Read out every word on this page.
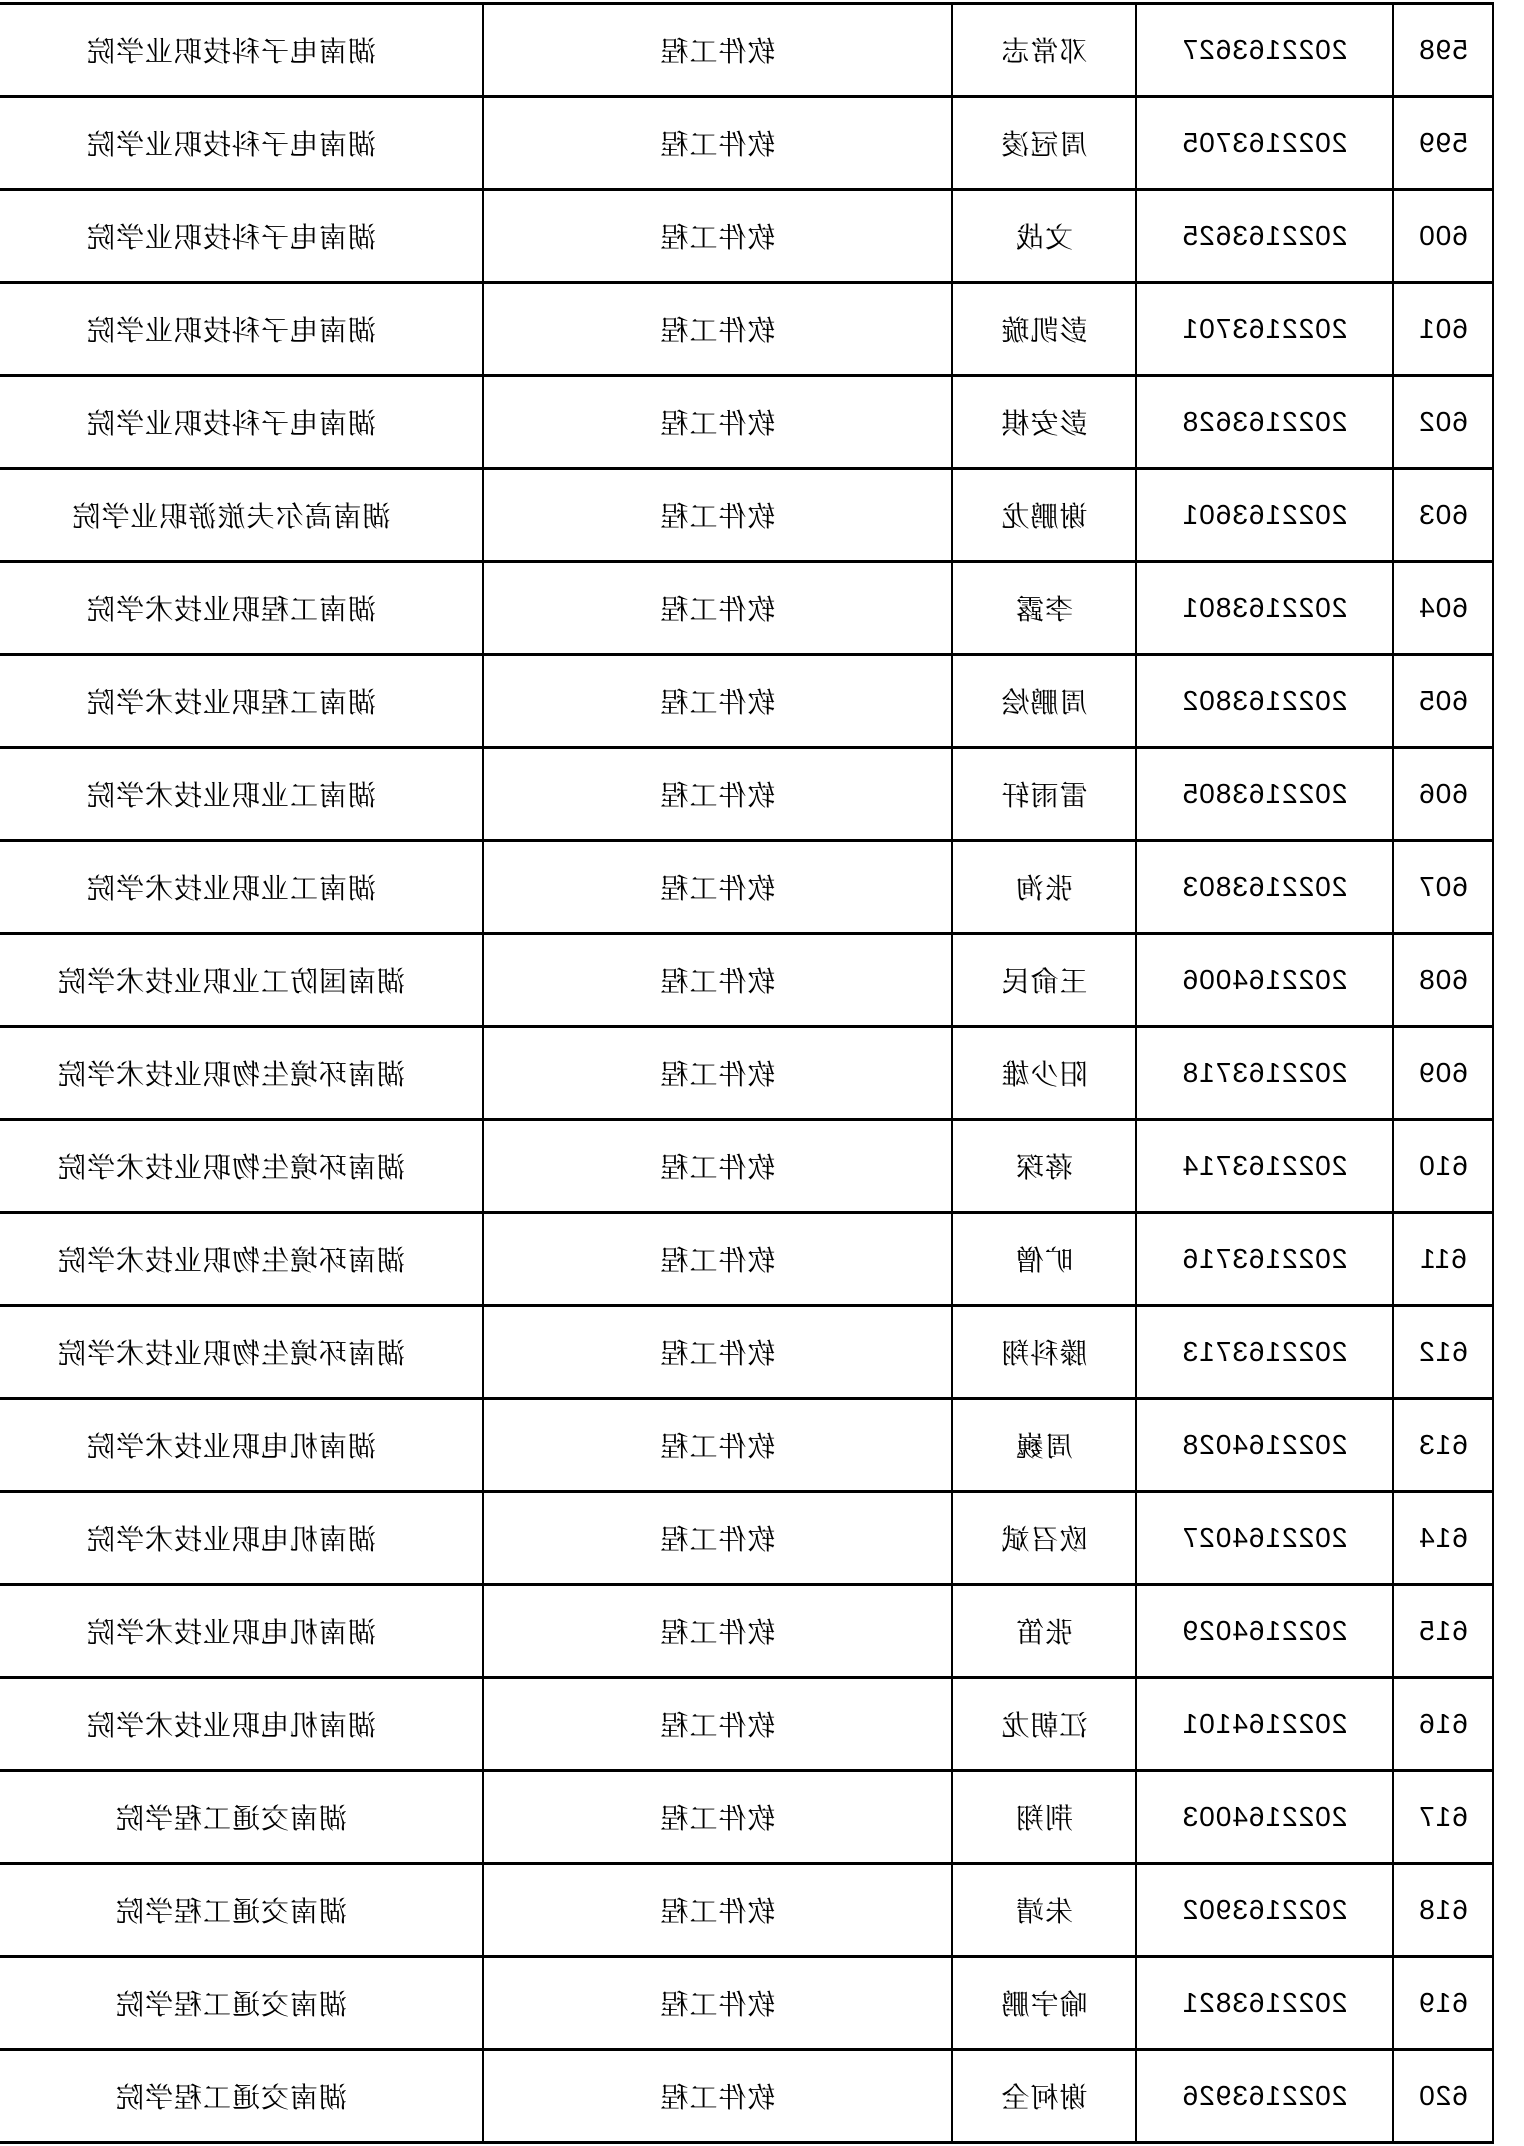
598	2022163627	邓常志	软件工程	湖南电子科技职业学院
599	2022163705	周冠凌	软件工程	湖南电子科技职业学院
600	2022163625	文战	软件工程	湖南电子科技职业学院
601	2022163701	彭凯璇	软件工程	湖南电子科技职业学院
602	2022163628	彭安棋	软件工程	湖南电子科技职业学院
603	2022163601	谢鹏龙	软件工程	湖南高尔夫旅游职业学院
604	2022163801	李露	软件工程	湖南工程职业技术学院
605	2022163802	周鹏烩	软件工程	湖南工程职业技术学院
606	2022163805	雷雨轩	软件工程	湖南工业职业技术学院
607	2022163803	张洵	软件工程	湖南工业职业技术学院
608	2022164006	王俞民	软件工程	湖南国防工业职业技术学院
609	2022163718	阳少雄	软件工程	湖南环境生物职业技术学院
610	2022163714	蒋琛	软件工程	湖南环境生物职业技术学院
611	2022163716	旷僧	软件工程	湖南环境生物职业技术学院
612	2022163713	滕科翔	软件工程	湖南环境生物职业技术学院
613	2022164028	周巍	软件工程	湖南机电职业技术学院
614	2022164027	欧召斌	软件工程	湖南机电职业技术学院
615	2022164029	张笛	软件工程	湖南机电职业技术学院
616	2022164101	江朝龙	软件工程	湖南机电职业技术学院
617	2022164003	荆翔	软件工程	湖南交通工程学院
618	2022163902	朱靖	软件工程	湖南交通工程学院
619	2022163821	喻宇鹏	软件工程	湖南交通工程学院
620	2022163926	谢柯全	软件工程	湖南交通工程学院
